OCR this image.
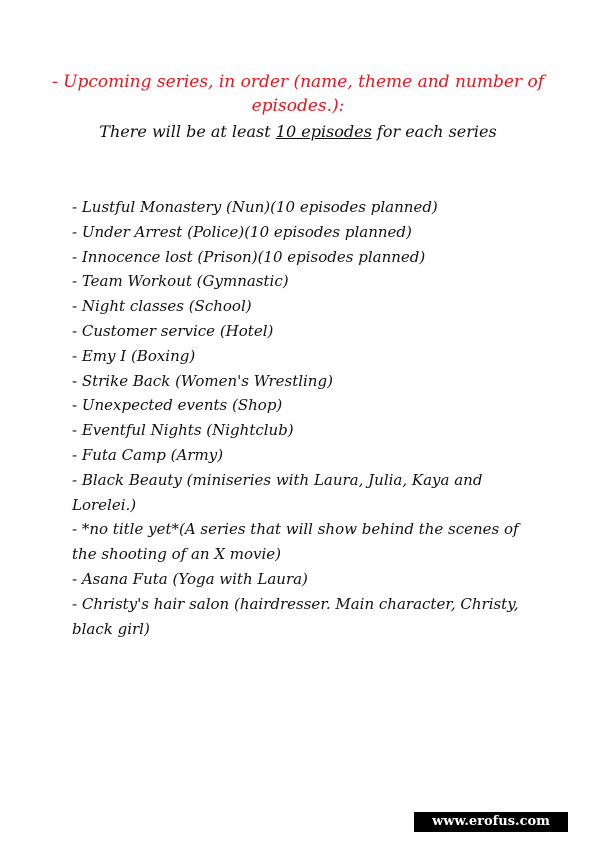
- Upcoming series, in order (name, theme and number of episodes.):
There will be at least 10 episodes for each series
- Lustful Monastery (Nun)(10 episodes planned)
- Under Arrest (Police)(10 episodes planned)
- Innocence lost (Prison)(10 episodes planned)
- Team Workout (Gymnastic)
- Night classes (School)
- Customer service (Hotel)
- Emy I (Boxing)
- Strike Back (Women's Wrestling)
- Unexpected events (Shop)
- Eventful Nights (Nightclub)
- Futa Camp (Army)
- Black Beauty (miniseries with Laura, Julia, Kaya and Lorelei.)
- *no title yet*(A series that will show behind the scenes of the shooting of an X movie)
- Asana Futa (Yoga with Laura)
- Christy's hair salon (hairdresser. Main character, Christy, black girl)
www.erofus.com
